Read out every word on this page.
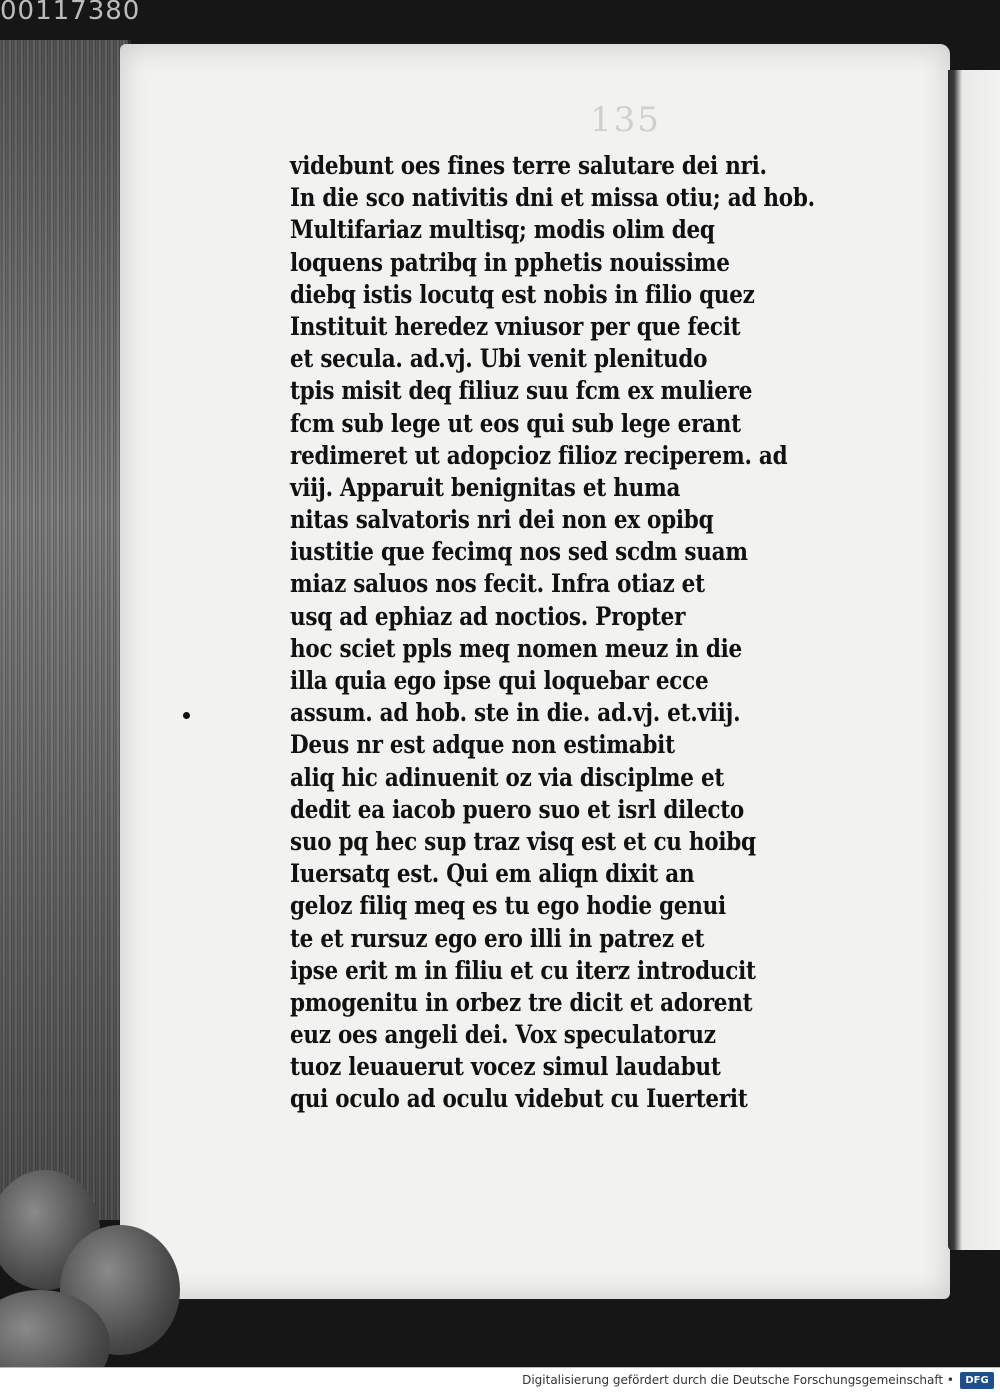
00117380
135
videbunt oes fines terre salutare dei nri.
In die sco nativitis dni et missa otiu; ad hob.
Multifariaz multisq; modis olim deq
loquens patribq in pphetis nouissime
diebq istis locutq est nobis in filio quez
Instituit heredez vniusor per que fecit
et secula. ad.vj. Ubi venit plenitudo
tpis misit deq filiuz suu fcm ex muliere
fcm sub lege ut eos qui sub lege erant
redimeret ut adopcioz filioz reciperem. ad
viij. Apparuit benignitas et huma
nitas salvatoris nri dei non ex opibq
iustitie que fecimq nos sed scdm suam
miaz saluos nos fecit. Infra otiaz et
usq ad ephiaz ad noctios. Propter
hoc sciet ppls meq nomen meuz in die
illa quia ego ipse qui loquebar ecce
assum. ad hob. ste in die. ad.vj. et.viij.
Deus nr est adque non estimabit
aliq hic adinuenit oz via disciplme et
dedit ea iacob puero suo et isrl dilecto
suo pq hec sup traz visq est et cu hoibq
Iuersatq est. Qui em aliqn dixit an
geloz filiq meq es tu ego hodie genui
te et rursuz ego ero illi in patrez et
ipse erit m in filiu et cu iterz introducit
pmogenitu in orbez tre dicit et adorent
euz oes angeli dei. Vox speculatoruz
tuoz leuauerut vocez simul laudabut
qui oculo ad oculu videbut cu Iuerterit
Digitalisierung gefördert durch die Deutsche Forschungsgemeinschaft •	DFG
